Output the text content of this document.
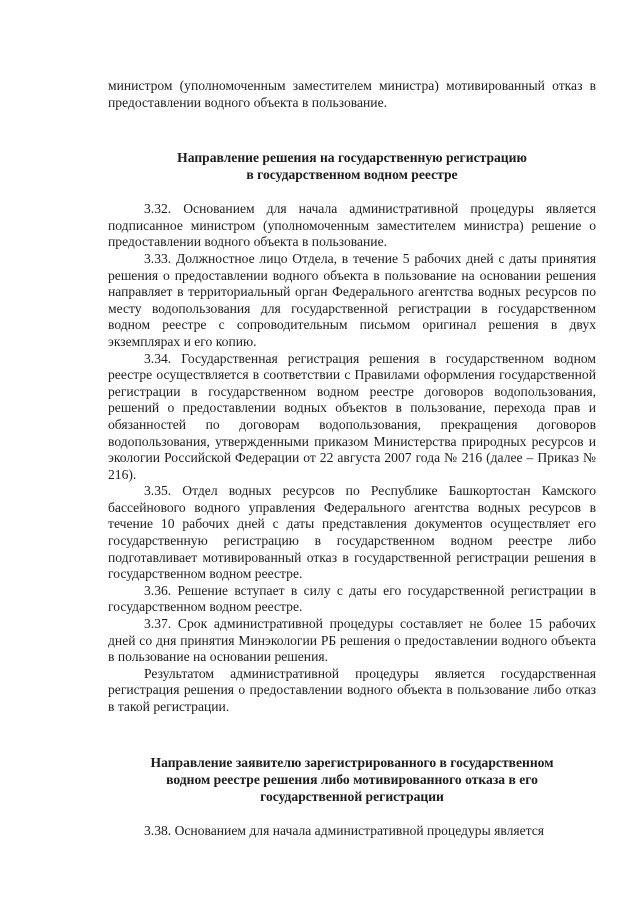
министром (уполномоченным заместителем министра) мотивированный отказ в предоставлении водного объекта в пользование.

Направление решения на государственную регистрацию
в государственном водном реестре

3.32. Основанием для начала административной процедуры является подписанное министром (уполномоченным заместителем министра) решение о предоставлении водного объекта в пользование.

3.33. Должностное лицо Отдела, в течение 5 рабочих дней с даты принятия решения о предоставлении водного объекта в пользование на основании решения направляет в территориальный орган Федерального агентства водных ресурсов по месту водопользования для государственной регистрации в государственном водном реестре с сопроводительным письмом оригинал решения в двух экземплярах и его копию.

3.34. Государственная регистрация решения в государственном водном реестре осуществляется в соответствии с Правилами оформления государственной регистрации в государственном водном реестре договоров водопользования, решений о предоставлении водных объектов в пользование, перехода прав и обязанностей по договорам водопользования, прекращения договоров водопользования, утвержденными приказом Министерства природных ресурсов и экологии Российской Федерации от 22 августа 2007 года № 216 (далее – Приказ № 216).

3.35. Отдел водных ресурсов по Республике Башкортостан Камского бассейнового водного управления Федерального агентства водных ресурсов в течение 10 рабочих дней с даты представления документов осуществляет его государственную регистрацию в государственном водном реестре либо подготавливает мотивированный отказ в государственной регистрации решения в государственном водном реестре.

3.36. Решение вступает в силу с даты его государственной регистрации в государственном водном реестре.

3.37. Срок административной процедуры составляет не более 15 рабочих дней со дня принятия Минэкологии РБ решения о предоставлении водного объекта в пользование на основании решения.

Результатом административной процедуры является государственная регистрация решения о предоставлении водного объекта в пользование либо отказ в такой регистрации.

Направление заявителю зарегистрированного в государственном
водном реестре решения либо мотивированного отказа в его
государственной регистрации

3.38. Основанием для начала административной процедуры является
